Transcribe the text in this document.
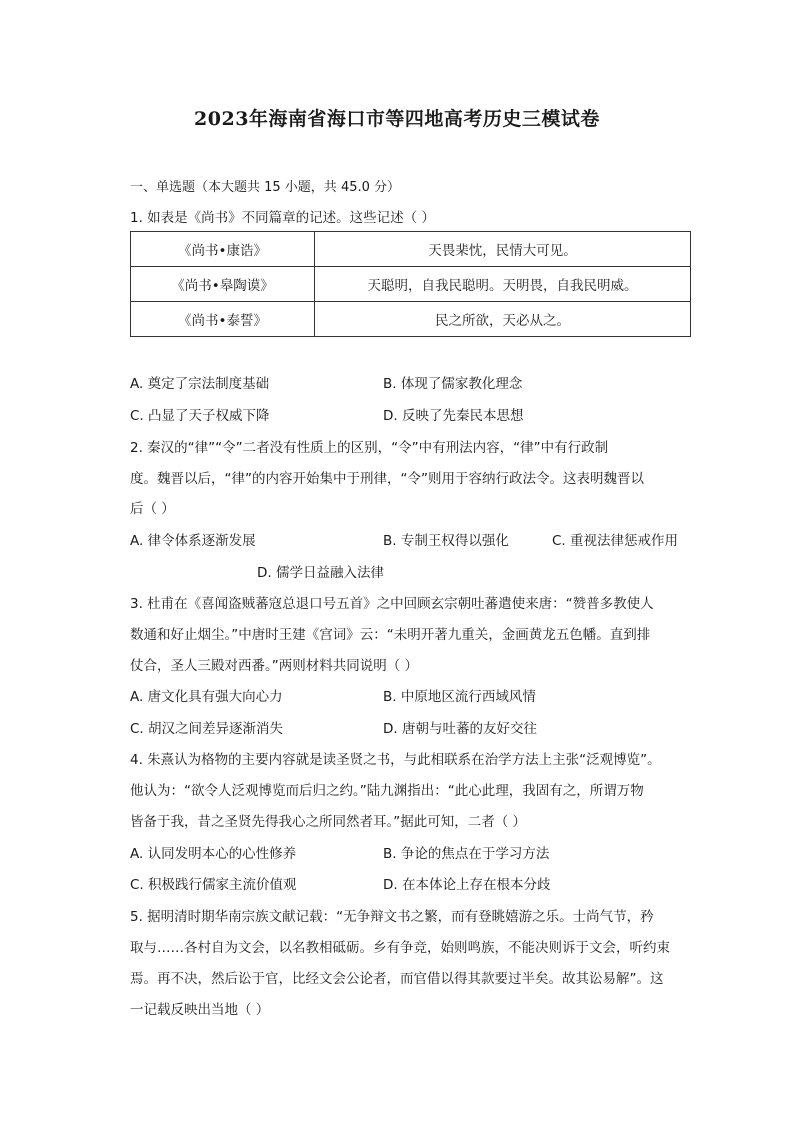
2023年海南省海口市等四地高考历史三模试卷
一、单选题（本大题共 15 小题，共 45.0 分）
1. 如表是《尚书》不同篇章的记述。这些记述（ ）
《尚书•康诰》	天畏棐忱，民情大可见。
《尚书•皋陶谟》	天聪明，自我民聪明。天明畏，自我民明威。
《尚书•泰誓》	民之所欲，天必从之。
A. 奠定了宗法制度基础	B. 体现了儒家教化理念
C. 凸显了天子权威下降	D. 反映了先秦民本思想
2. 秦汉的“律”“令”二者没有性质上的区别，“令”中有刑法内容，“律”中有行政制
度。魏晋以后，“律”的内容开始集中于刑律，“令”则用于容纳行政法令。这表明魏晋以
后（ ）
A. 律令体系逐渐发展	B. 专制王权得以强化	C. 重视法律惩戒作用
D. 儒学日益融入法律
3. 杜甫在《喜闻盗贼蕃寇总退口号五首》之中回顾玄宗朝吐蕃遣使来唐：“赞普多教使人
数通和好止烟尘。”中唐时王建《宫词》云：“未明开著九重关，金画黄龙五色幡。直到排
仗合，圣人三殿对西番。”两则材料共同说明（ ）
A. 唐文化具有强大向心力	B. 中原地区流行西域风情
C. 胡汉之间差异逐渐消失	D. 唐朝与吐蕃的友好交往
4. 朱熹认为格物的主要内容就是读圣贤之书，与此相联系在治学方法上主张“泛观博览”。
他认为：“欲令人泛观博览而后归之约。”陆九渊指出：“此心此理，我固有之，所谓万物
皆备于我，昔之圣贤先得我心之所同然者耳。”据此可知，二者（ ）
A. 认同发明本心的心性修养	B. 争论的焦点在于学习方法
C. 积极践行儒家主流价值观	D. 在本体论上存在根本分歧
5. 据明清时期华南宗族文献记载：“无争辩文书之繁，而有登眺嬉游之乐。士尚气节，矜
取与……各村自为文会，以名教相砥砺。乡有争竞，始则鸣族，不能决则诉于文会，听约束
焉。再不决，然后讼于官，比经文会公论者，而官借以得其款要过半矣。故其讼易解”。这
一记载反映出当地（ ）
